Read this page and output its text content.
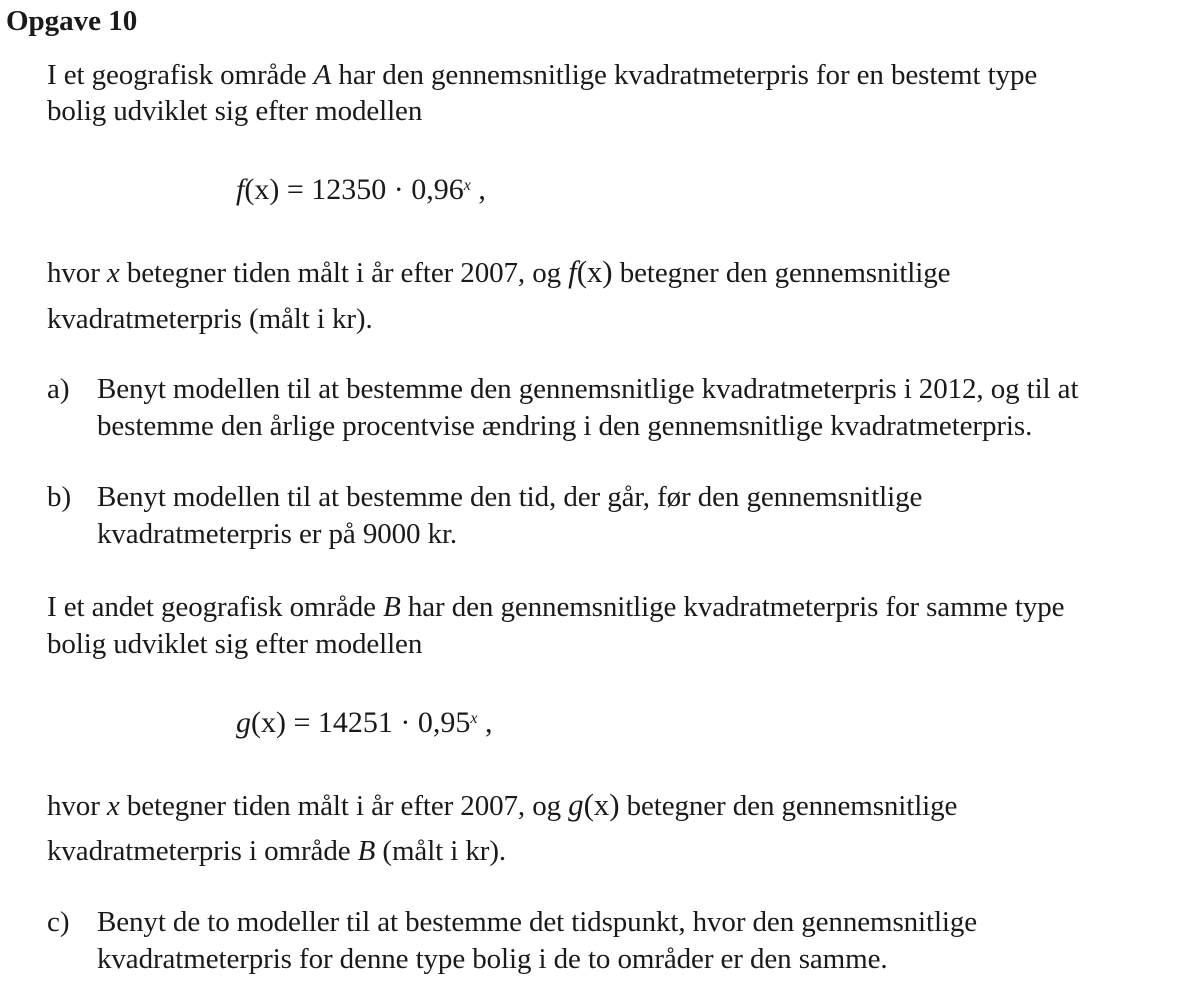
Opgave 10
I et geografisk område A har den gennemsnitlige kvadratmeterpris for en bestemt type
bolig udviklet sig efter modellen
$f(x) = 12350 \cdot 0,96^x$ ,
hvor x betegner tiden målt i år efter 2007, og f(x) betegner den gennemsnitlige
kvadratmeterpris (målt i kr).
a) Benyt modellen til at bestemme den gennemsnitlige kvadratmeterpris i 2012, og til at
bestemme den årlige procentvise ændring i den gennemsnitlige kvadratmeterpris.
b) Benyt modellen til at bestemme den tid, der går, før den gennemsnitlige
kvadratmeterpris er på 9000 kr.
I et andet geografisk område B har den gennemsnitlige kvadratmeterpris for samme type
bolig udviklet sig efter modellen
$g(x) = 14251 \cdot 0,95^x$ ,
hvor x betegner tiden målt i år efter 2007, og g(x) betegner den gennemsnitlige
kvadratmeterpris i område B (målt i kr).
c) Benyt de to modeller til at bestemme det tidspunkt, hvor den gennemsnitlige
kvadratmeterpris for denne type bolig i de to områder er den samme.
